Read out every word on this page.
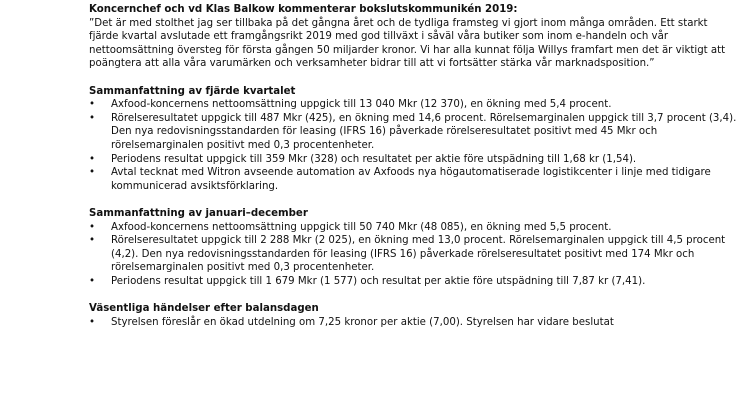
Koncernchef och vd Klas Balkow kommenterar bokslutskommunikén 2019:

”Det är med stolthet jag ser tillbaka på det gångna året och de tydliga framsteg vi gjort inom många områden. Ett starkt fjärde kvartal avslutade ett framgångsrikt 2019 med god tillväxt i såväl våra butiker som inom e-handeln och vår nettoomsättning översteg för första gången 50 miljarder kronor. Vi har alla kunnat följa Willys framfart men det är viktigt att poängtera att alla våra varumärken och verksamheter bidrar till att vi fortsätter stärka vår marknadsposition.”

Sammanfattning av fjärde kvartalet

• Axfood-koncernens nettoomsättning uppgick till 13 040 Mkr (12 370), en ökning med 5,4 procent.
• Rörelseresultatet uppgick till 487 Mkr (425), en ökning med 14,6 procent. Rörelsemarginalen uppgick till 3,7 procent (3,4). Den nya redovisningsstandarden för leasing (IFRS 16) påverkade rörelseresultatet positivt med 45 Mkr och rörelsemarginalen positivt med 0,3 procentenheter.
• Periodens resultat uppgick till 359 Mkr (328) och resultatet per aktie före utspädning till 1,68 kr (1,54).
• Avtal tecknat med Witron avseende automation av Axfoods nya högautomatiserade logistikcenter i linje med tidigare kommunicerad avsiktsförklaring.

Sammanfattning av januari–december

• Axfood-koncernens nettoomsättning uppgick till 50 740 Mkr (48 085), en ökning med 5,5 procent.
• Rörelseresultatet uppgick till 2 288 Mkr (2 025), en ökning med 13,0 procent. Rörelsemarginalen uppgick till 4,5 procent (4,2). Den nya redovisningsstandarden för leasing (IFRS 16) påverkade rörelseresultatet positivt med 174 Mkr och rörelsemarginalen positivt med 0,3 procentenheter.
• Periodens resultat uppgick till 1 679 Mkr (1 577) och resultat per aktie före utspädning till 7,87 kr (7,41).

Väsentliga händelser efter balansdagen

• Styrelsen föreslår en ökad utdelning om 7,25 kronor per aktie (7,00). Styrelsen har vidare beslutat
